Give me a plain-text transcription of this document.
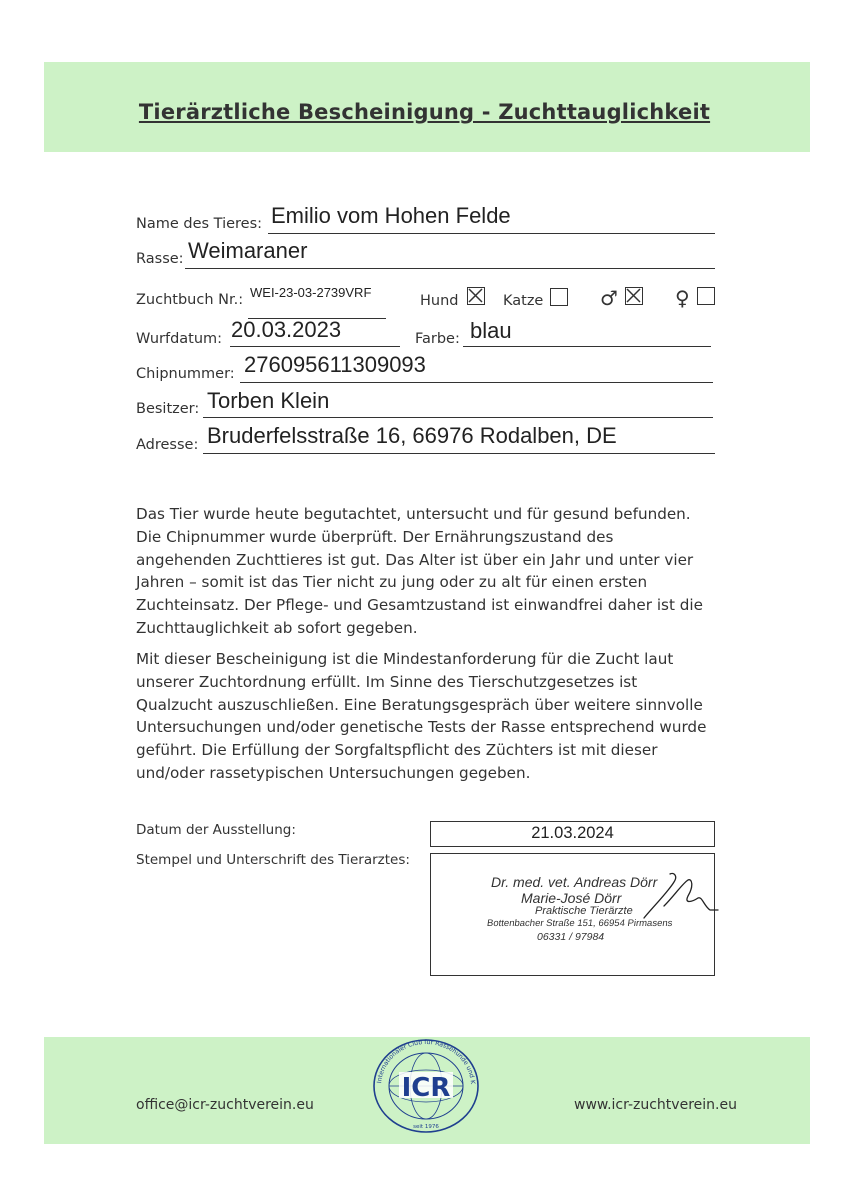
Tierärztliche Bescheinigung - Zuchttauglichkeit
Name des Tieres: Emilio vom Hohen Felde
Rasse: Weimaraner
Zuchtbuch Nr.: WEI-23-03-2739VRF
Hund	Katze	♂	♀
Wurfdatum: 20.03.2023	Farbe: blau
Chipnummer: 276095611309093
Besitzer: Torben Klein
Adresse: Bruderfelsstraße 16, 66976 Rodalben, DE

Das Tier wurde heute begutachtet, untersucht und für gesund befunden. Die Chipnummer wurde überprüft. Der Ernährungszustand des angehenden Zuchttieres ist gut. Das Alter ist über ein Jahr und unter vier Jahren – somit ist das Tier nicht zu jung oder zu alt für einen ersten Zuchteinsatz. Der Pflege- und Gesamtzustand ist einwandfrei daher ist die Zuchttauglichkeit ab sofort gegeben.

Mit dieser Bescheinigung ist die Mindestanforderung für die Zucht laut unserer Zuchtordnung erfüllt. Im Sinne des Tierschutzgesetzes ist Qualzucht auszuschließen. Eine Beratungsgespräch über weitere sinnvolle Untersuchungen und/oder genetische Tests der Rasse entsprechend wurde geführt. Die Erfüllung der Sorgfaltspflicht des Züchters ist mit dieser und/oder rassetypischen Untersuchungen gegeben.

Datum der Ausstellung:	21.03.2024
Stempel und Unterschrift des Tierarztes:
Dr. med. vet. Andreas Dörr
Marie-José Dörr
Praktische Tierärzte
Bottenbacher Straße 151, 66954 Pirmasens
06331 / 97984
office@icr-zuchtverein.eu	www.icr-zuchtverein.eu
Internationaler Club für Rassehunde und K
ICR
seit 1976
